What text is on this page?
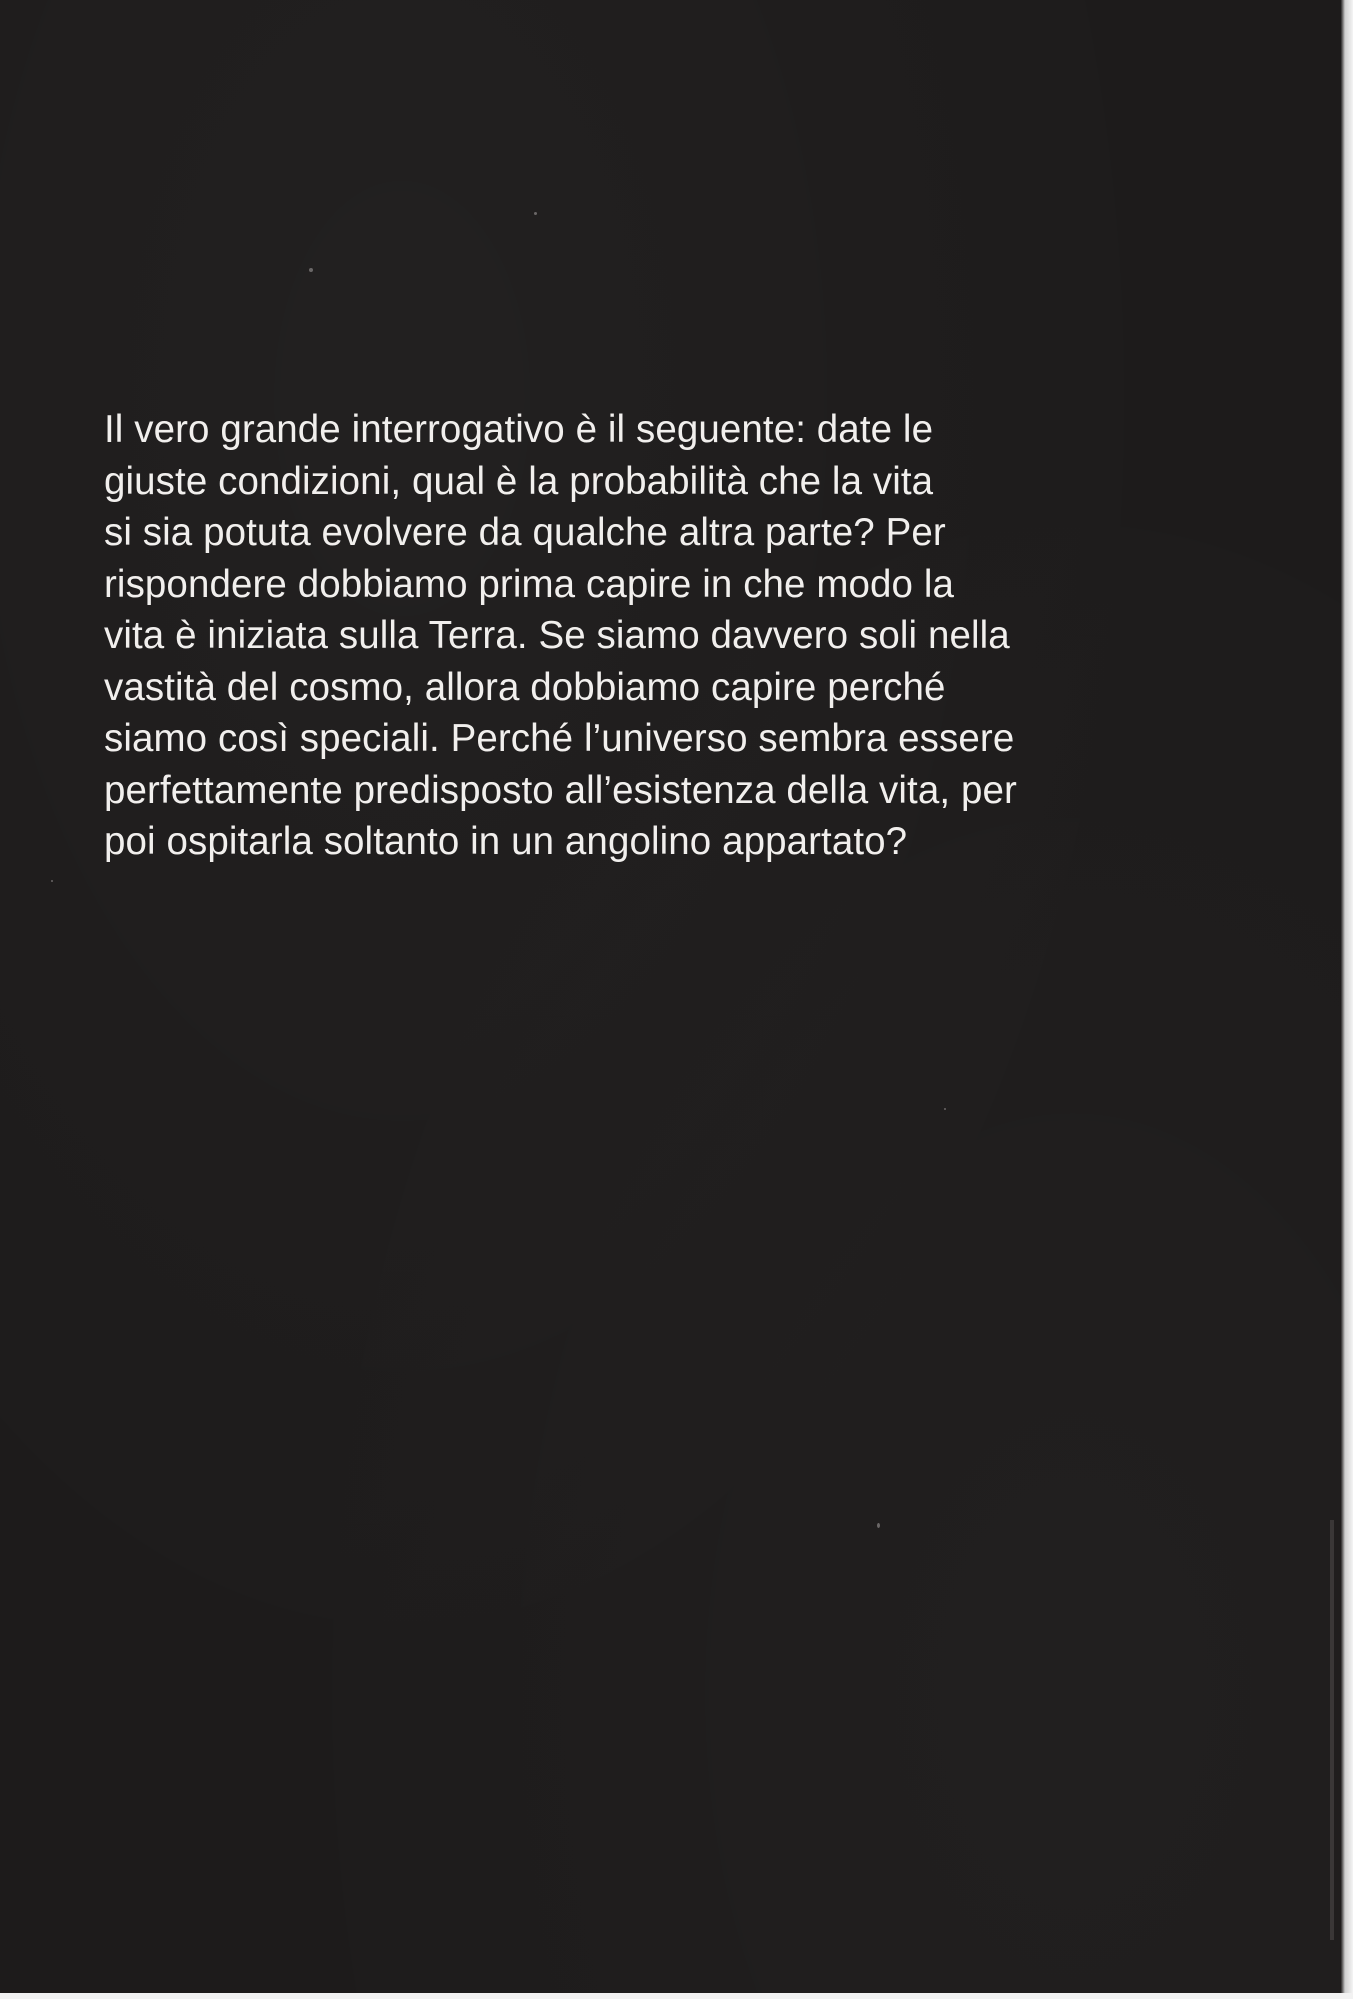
Il vero grande interrogativo è il seguente: date le
giuste condizioni, qual è la probabilità che la vita
si sia potuta evolvere da qualche altra parte? Per
rispondere dobbiamo prima capire in che modo la
vita è iniziata sulla Terra. Se siamo davvero soli nella
vastità del cosmo, allora dobbiamo capire perché
siamo così speciali. Perché l’universo sembra essere
perfettamente predisposto all’esistenza della vita, per
poi ospitarla soltanto in un angolino appartato?
